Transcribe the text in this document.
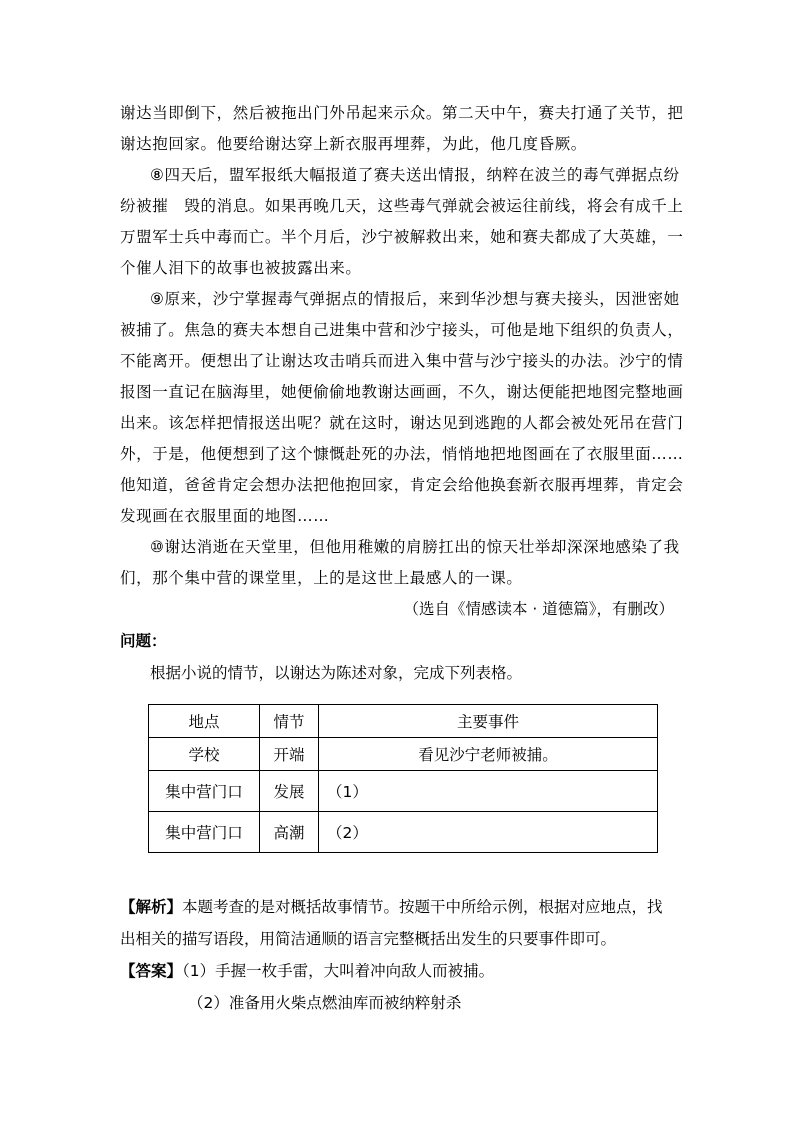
谢达当即倒下，然后被拖出门外吊起来示众。第二天中午，赛夫打通了关节，把
谢达抱回家。他要给谢达穿上新衣服再埋葬，为此，他几度昏厥。
⑧四天后，盟军报纸大幅报道了赛夫送出情报，纳粹在波兰的毒气弹据点纷
纷被摧　毁的消息。如果再晚几天，这些毒气弹就会被运往前线，将会有成千上
万盟军士兵中毒而亡。半个月后，沙宁被解救出来，她和赛夫都成了大英雄，一
个催人泪下的故事也被披露出来。
⑨原来，沙宁掌握毒气弹据点的情报后，来到华沙想与赛夫接头，因泄密她
被捕了。焦急的赛夫本想自己进集中营和沙宁接头，可他是地下组织的负责人，
不能离开。便想出了让谢达攻击哨兵而进入集中营与沙宁接头的办法。沙宁的情
报图一直记在脑海里，她便偷偷地教谢达画画，不久，谢达便能把地图完整地画
出来。该怎样把情报送出呢？就在这时，谢达见到逃跑的人都会被处死吊在营门
外，于是，他便想到了这个慷慨赴死的办法，悄悄地把地图画在了衣服里面……
他知道，爸爸肯定会想办法把他抱回家，肯定会给他换套新衣服再埋葬，肯定会
发现画在衣服里面的地图……
⑩谢达消逝在天堂里，但他用稚嫩的肩膀扛出的惊天壮举却深深地感染了我
们，那个集中营的课堂里，上的是这世上最感人的一课。
（选自《情感读本 · 道德篇》，有删改）
问题：
根据小说的情节，以谢达为陈述对象，完成下列表格。
地点	情节	主要事件
学校	开端	看见沙宁老师被捕。
集中营门口	发展	（1）
集中营门口	高潮	（2）
【解析】本题考查的是对概括故事情节。按题干中所给示例，根据对应地点，找
出相关的描写语段，用简洁通顺的语言完整概括出发生的只要事件即可。
【答案】（1）手握一枚手雷，大叫着冲向敌人而被捕。
（2）准备用火柴点燃油库而被纳粹射杀
